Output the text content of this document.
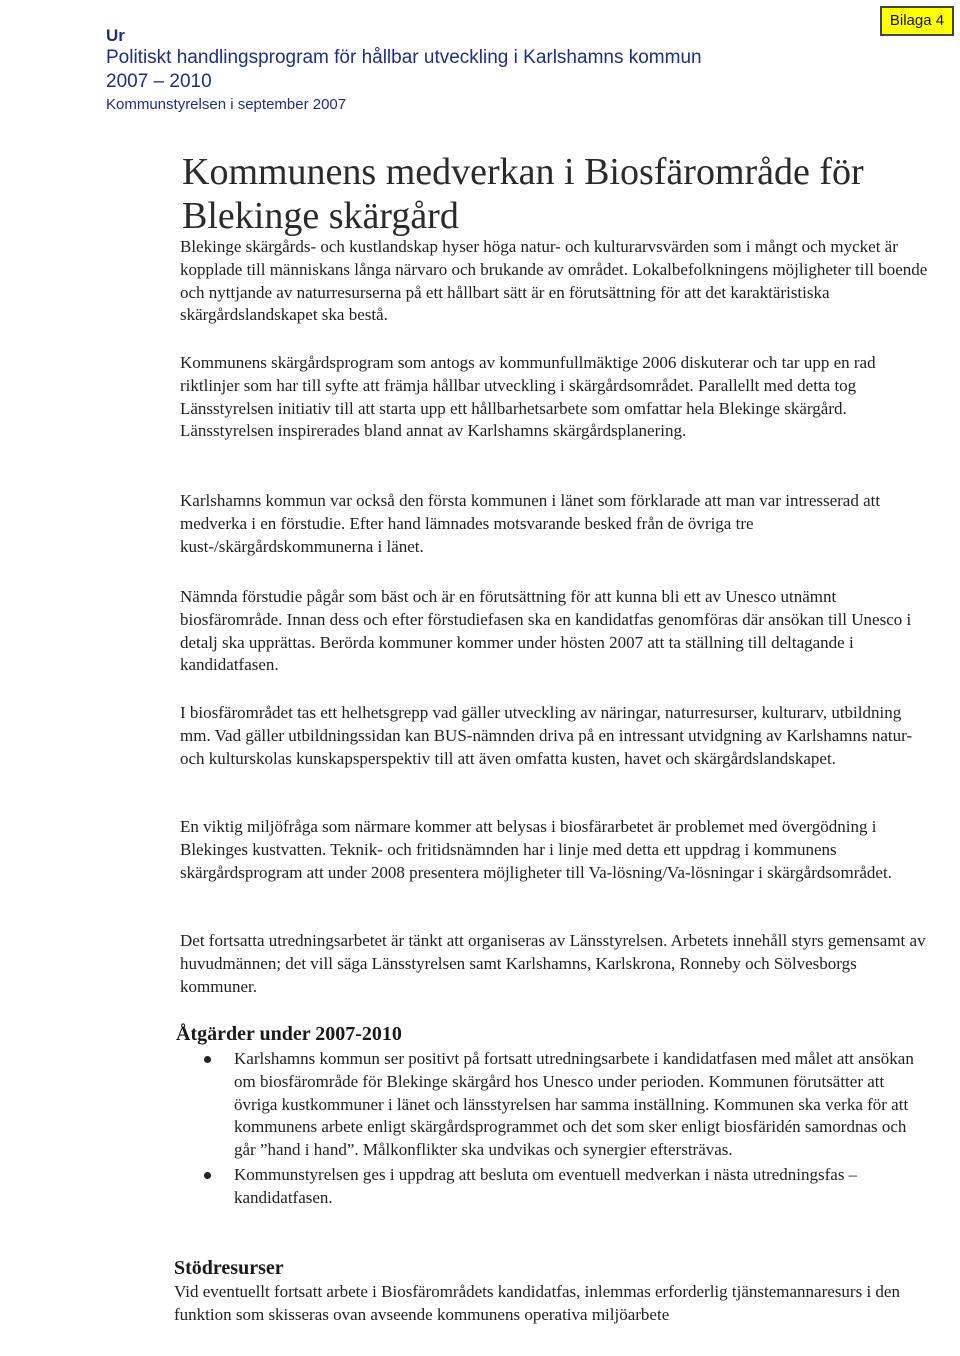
Bilaga 4
Ur
Politiskt handlingsprogram för hållbar utveckling i Karlshamns kommun
2007 – 2010
Kommunstyrelsen i september 2007
Kommunens medverkan i Biosfärområde för Blekinge skärgård

Blekinge skärgårds- och kustlandskap hyser höga natur- och kulturarvsvärden som i mångt och mycket är kopplade till människans långa närvaro och brukande av området. Lokalbefolkningens möjligheter till boende och nyttjande av naturresurserna på ett hållbart sätt är en förutsättning för att det karaktäristiska skärgårdslandskapet ska bestå.

Kommunens skärgårdsprogram som antogs av kommunfullmäktige 2006 diskuterar och tar upp en rad riktlinjer som har till syfte att främja hållbar utveckling i skärgårdsområdet. Parallellt med detta tog Länsstyrelsen initiativ till att starta upp ett hållbarhetsarbete som omfattar hela Blekinge skärgård. Länsstyrelsen inspirerades bland annat av Karlshamns skärgårdsplanering.

Karlshamns kommun var också den första kommunen i länet som förklarade att man var intresserad att medverka i en förstudie. Efter hand lämnades motsvarande besked från de övriga tre kust-/skärgårdskommunerna i länet.

Nämnda förstudie pågår som bäst och är en förutsättning för att kunna bli ett av Unesco utnämnt biosfärområde. Innan dess och efter förstudiefasen ska en kandidatfas genomföras där ansökan till Unesco i detalj ska upprättas. Berörda kommuner kommer under hösten 2007 att ta ställning till deltagande i kandidatfasen.

I biosfärområdet tas ett helhetsgrepp vad gäller utveckling av näringar, naturresurser, kulturarv, utbildning mm. Vad gäller utbildningssidan kan BUS-nämnden driva på en intressant utvidgning av Karlshamns natur- och kulturskolas kunskapsperspektiv till att även omfatta kusten, havet och skärgårdslandskapet.

En viktig miljöfråga som närmare kommer att belysas i biosfärarbetet är problemet med övergödning i Blekinges kustvatten. Teknik- och fritidsnämnden har i linje med detta ett uppdrag i kommunens skärgårdsprogram att under 2008 presentera möjligheter till Va-lösning/Va-lösningar i skärgårdsområdet.

Det fortsatta utredningsarbetet är tänkt att organiseras av Länsstyrelsen. Arbetets innehåll styrs gemensamt av huvudmännen; det vill säga Länsstyrelsen samt Karlshamns, Karlskrona, Ronneby och Sölvesborgs kommuner.

Åtgärder under 2007-2010
Karlshamns kommun ser positivt på fortsatt utredningsarbete i kandidatfasen med målet att ansökan om biosfärområde för Blekinge skärgård hos Unesco under perioden. Kommunen förutsätter att övriga kustkommuner i länet och länsstyrelsen har samma inställning. Kommunen ska verka för att kommunens arbete enligt skärgårdsprogrammet och det som sker enligt biosfäridén samordnas och går ”hand i hand”. Målkonflikter ska undvikas och synergier eftersträvas.
Kommunstyrelsen ges i uppdrag att besluta om eventuell medverkan i nästa utredningsfas – kandidatfasen.
Stödresurser

Vid eventuellt fortsatt arbete i Biosfärområdets kandidatfas, inlemmas erforderlig tjänstemannaresurs i den funktion som skisseras ovan avseende kommunens operativa miljöarbete
